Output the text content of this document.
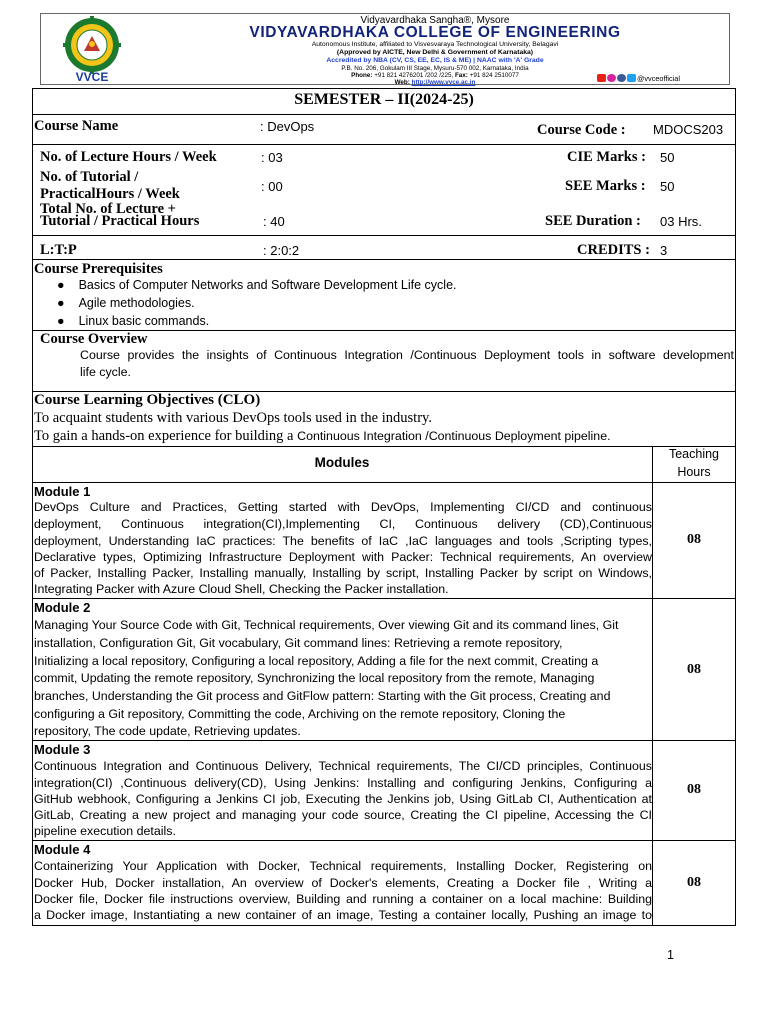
VVCE
Vidyavardhaka Sangha®, Mysore
VIDYAVARDHAKA COLLEGE OF ENGINEERING
Autonomous Institute, affiliated to Visvesvaraya Technological University, Belagavi
(Approved by AICTE, New Delhi & Government of Karnataka)
Accredited by NBA (CV, CS, EE, EC, IS & ME) | NAAC with 'A' Grade
P.B. No. 206, Gokulam III Stage, Mysuru-570 002, Karnataka, India
Phone: +91 821 4276201 /202 /225, Fax: +91 824 2510077
Web: http://www.vvce.ac.in	@vvceofficial
SEMESTER – II(2024-25)
Course Name	: DevOps	Course Code : MDOCS203
No. of Lecture Hours / Week	: 03	CIE Marks : 50
No. of Tutorial /
PracticalHours / Week	: 00	SEE Marks : 50
Total No. of Lecture +
Tutorial / Practical Hours	: 40	SEE Duration : 03 Hrs.
L:T:P	: 2:0:2	CREDITS : 3
Course Prerequisites
● Basics of Computer Networks and Software Development Life cycle.
● Agile methodologies.
● Linux basic commands.
Course Overview
Course provides the insights of Continuous Integration /Continuous Deployment tools in software development
life cycle.
Course Learning Objectives (CLO)
To acquaint students with various DevOps tools used in the industry.
To gain a hands-on experience for building a Continuous Integration /Continuous Deployment pipeline.
Modules
Teaching
Hours
Module 1
DevOps Culture and Practices, Getting started with DevOps, Implementing CI/CD and continuous
deployment, Continuous integration(CI),Implementing CI, Continuous delivery (CD),Continuous
deployment, Understanding IaC practices: The benefits of IaC ,IaC languages and tools ,Scripting types,
Declarative types, Optimizing Infrastructure Deployment with Packer: Technical requirements, An overview
of Packer, Installing Packer, Installing manually, Installing by script, Installing Packer by script on Windows,
Integrating Packer with Azure Cloud Shell, Checking the Packer installation.
08
Module 2
Managing Your Source Code with Git, Technical requirements, Over viewing Git and its command lines, Git
installation, Configuration Git, Git vocabulary, Git command lines: Retrieving a remote repository,
Initializing a local repository, Configuring a local repository, Adding a file for the next commit, Creating a
commit, Updating the remote repository, Synchronizing the local repository from the remote, Managing
branches, Understanding the Git process and GitFlow pattern: Starting with the Git process, Creating and
configuring a Git repository, Committing the code, Archiving on the remote repository, Cloning the
repository, The code update, Retrieving updates.
08
Module 3
Continuous Integration and Continuous Delivery, Technical requirements, The CI/CD principles, Continuous
integration(CI) ,Continuous delivery(CD), Using Jenkins: Installing and configuring Jenkins, Configuring a
GitHub webhook, Configuring a Jenkins CI job, Executing the Jenkins job, Using GitLab CI, Authentication at
GitLab, Creating a new project and managing your code source, Creating the CI pipeline, Accessing the CI
pipeline execution details.
08
Module 4
Containerizing Your Application with Docker, Technical requirements, Installing Docker, Registering on
Docker Hub, Docker installation, An overview of Docker's elements, Creating a Docker file , Writing a
Docker file, Docker file instructions overview, Building and running a container on a local machine: Building
a Docker image, Instantiating a new container of an image, Testing a container locally, Pushing an image to
08
1
